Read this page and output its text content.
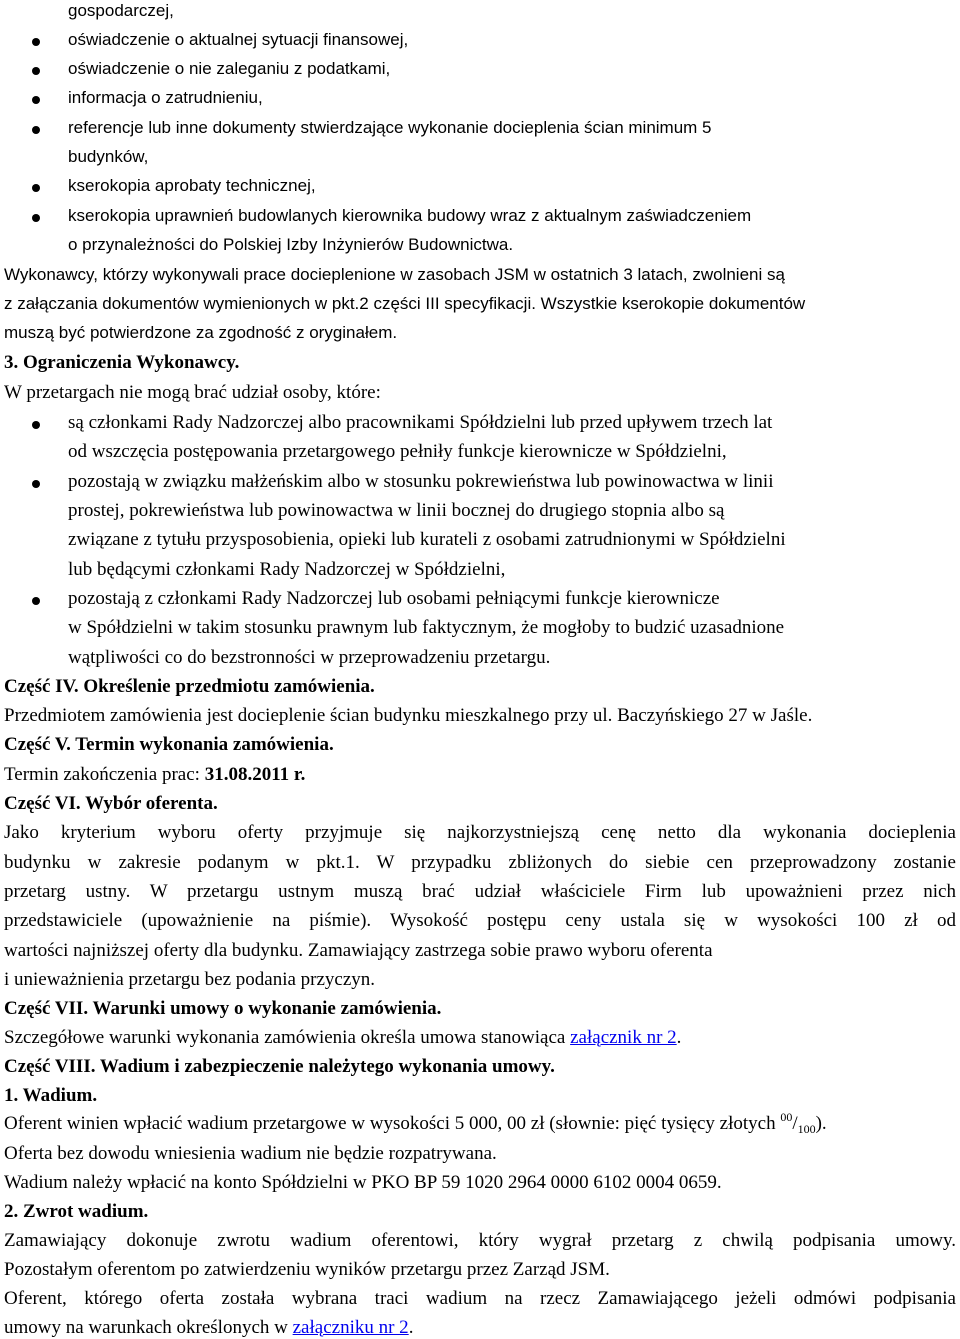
gospodarczej,
oświadczenie o aktualnej sytuacji finansowej,
oświadczenie o nie zaleganiu z podatkami,
informacja o zatrudnieniu,
referencje lub inne dokumenty stwierdzające wykonanie docieplenia ścian minimum 5
budynków,
kserokopia aprobaty technicznej,
kserokopia uprawnień budowlanych kierownika budowy wraz z aktualnym zaświadczeniem
o przynależności do Polskiej Izby Inżynierów Budownictwa.
Wykonawcy, którzy wykonywali prace docieplenione w zasobach JSM w ostatnich 3 latach, zwolnieni są
z załączania dokumentów wymienionych w pkt.2 części III specyfikacji. Wszystkie kserokopie dokumentów
muszą być potwierdzone za zgodność z oryginałem.
3. Ograniczenia Wykonawcy.
W przetargach nie mogą brać udział osoby, które:
są członkami Rady Nadzorczej albo pracownikami Spółdzielni lub przed upływem trzech lat
od wszczęcia postępowania przetargowego pełniły funkcje kierownicze w Spółdzielni,
pozostają w związku małżeńskim albo w stosunku pokrewieństwa lub powinowactwa w linii
prostej, pokrewieństwa lub powinowactwa w linii bocznej do drugiego stopnia albo są
związane z tytułu przysposobienia, opieki lub kurateli z osobami zatrudnionymi w Spółdzielni
lub będącymi członkami Rady Nadzorczej w Spółdzielni,
pozostają z członkami Rady Nadzorczej lub osobami pełniącymi funkcje kierownicze
w Spółdzielni w takim stosunku prawnym lub faktycznym, że mogłoby to budzić uzasadnione
wątpliwości co do bezstronności w przeprowadzeniu przetargu.
Część IV. Określenie przedmiotu zamówienia.
Przedmiotem zamówienia jest docieplenie ścian budynku mieszkalnego przy ul. Baczyńskiego 27 w Jaśle.
Część V. Termin wykonania zamówienia.
Termin zakończenia prac: 31.08.2011 r.
Część VI. Wybór oferenta.
Jako kryterium wyboru oferty przyjmuje się najkorzystniejszą cenę netto dla wykonania docieplenia
budynku w zakresie podanym w pkt.1. W przypadku zbliżonych do siebie cen przeprowadzony zostanie
przetarg ustny. W przetargu ustnym muszą brać udział właściciele Firm lub upoważnieni przez nich
przedstawiciele (upoważnienie na piśmie). Wysokość postępu ceny ustala się w wysokości 100 zł od
wartości najniższej oferty dla budynku. Zamawiający zastrzega sobie prawo wyboru oferenta
i unieważnienia przetargu bez podania przyczyn.
Część VII. Warunki umowy o wykonanie zamówienia.
Szczegółowe warunki wykonania zamówienia określa umowa stanowiąca załącznik nr 2.
Część VIII. Wadium i zabezpieczenie należytego wykonania umowy.
1. Wadium.
Oferent winien wpłacić wadium przetargowe w wysokości 5 000, 00 zł (słownie: pięć tysięcy złotych $^{00}/_{100}$).
Oferta bez dowodu wniesienia wadium nie będzie rozpatrywana.
Wadium należy wpłacić na konto Spółdzielni w PKO BP 59 1020 2964 0000 6102 0004 0659.
2. Zwrot wadium.
Zamawiający dokonuje zwrotu wadium oferentowi, który wygrał przetarg z chwilą podpisania umowy.
Pozostałym oferentom po zatwierdzeniu wyników przetargu przez Zarząd JSM.
Oferent, którego oferta została wybrana traci wadium na rzecz Zamawiającego jeżeli odmówi podpisania
umowy na warunkach określonych w załączniku nr 2.
